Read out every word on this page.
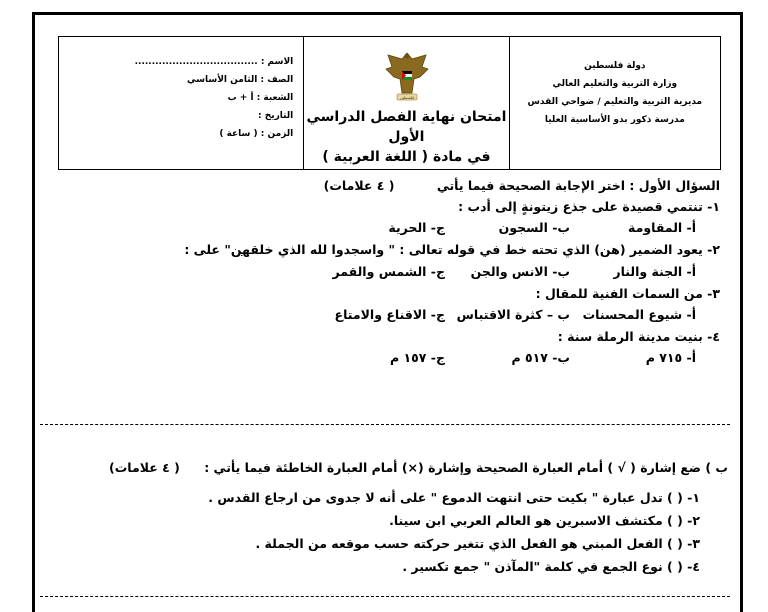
دولة فلسطين
وزارة التربية والتعليم العالي
مديرية التربية والتعليم / ضواحي القدس
مدرسة ذكور بدو الأساسية العليا
فلسطين
امتحان نهاية الفصل الدراسي الأول
في مادة ( اللغة العربية )
الاسم : ....................................
الصف : الثامن الأساسي
الشعبة : أ + ب
التاريخ :
الزمن : ( ساعة )
السؤال الأول : اختر الإجابة الصحيحة فيما يأتي ( ٤ علامات)
١- تنتمي قصيدة على جذع زيتونةٍ إلى أدب :
أ- المقاومة
ب- السجون
ج- الحرية
٢- يعود الضمير (هن) الذي تحته خط في قوله تعالى : " واسجدوا لله الذي خلقهن" على :
أ- الجنة والنار
ب- الانس والجن
ج- الشمس والقمر
٣- من السمات الفنية للمقال :
أ- شيوع المحسنات
ب – كثرة الاقتباس
ج- الاقناع والامتاع
٤- بنيت مدينة الرملة سنة :
أ- ٧١٥ م
ب- ٥١٧ م
ج- ١٥٧ م
ب ) ضع إشارة ( √ ) أمام العبارة الصحيحة وإشارة (×) أمام العبارة الخاطئة فيما يأتي : ( ٤ علامات)
١- ( ) تدل عبارة " بكيت حتى انتهت الدموع " على أنه لا جدوى من ارجاع القدس .
٢- ( ) مكتشف الاسبرين هو العالم العربي ابن سينا.
٣- ( ) الفعل المبني هو الفعل الذي تتغير حركته حسب موقعه من الجملة .
٤- ( ) نوع الجمع في كلمة "المآذن " جمع تكسير .
